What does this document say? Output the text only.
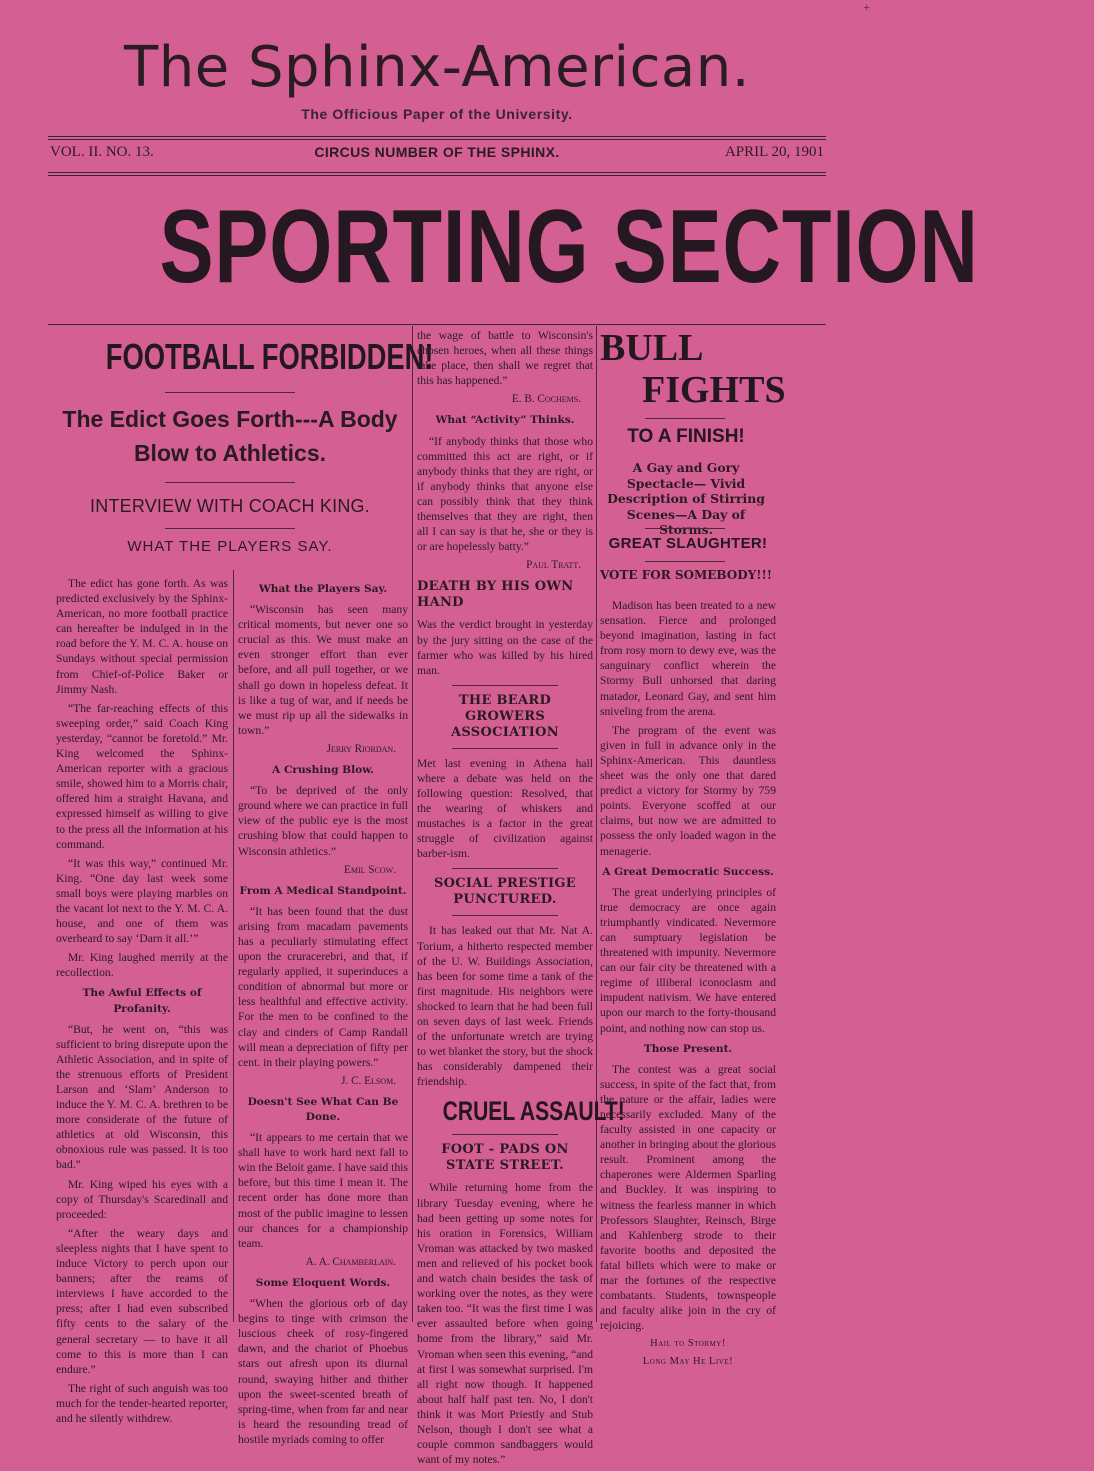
+
The Sphinx-American.
The Officious Paper of the University.
VOL. II. NO. 13.	CIRCUS NUMBER OF THE SPHINX.	APRIL 20, 1901
SPORTING SECTION
FOOTBALL FORBIDDEN!
The Edict Goes Forth---A Body Blow to Athletics.
INTERVIEW WITH COACH KING.
WHAT THE PLAYERS SAY.

The edict has gone forth. As was predicted exclusively by the Sphinx-American, no more football practice can hereafter be indulged in in the road before the Y. M. C. A. house on Sundays without special permission from Chief-of-Police Baker or Jimmy Nash.

“The far-reaching effects of this sweeping order,” said Coach King yesterday, “cannot be foretold.” Mr. King welcomed the Sphinx-American reporter with a gracious smile, showed him to a Morris chair, offered him a straight Havana, and expressed himself as willing to give to the press all the information at his command.

“It was this way,” continued Mr. King. “One day last week some small boys were playing marbles on the vacant lot next to the Y. M. C. A. house, and one of them was overheard to say ‘Darn it all.’”

Mr. King laughed merrily at the recollection.

The Awful Effects of Profanity.

“But, he went on, “this was sufficient to bring disrepute upon the Athletic Association, and in spite of the strenuous efforts of President Larson and ‘Slam’ Anderson to induce the Y. M. C. A. brethren to be more considerate of the future of athletics at old Wisconsin, this obnoxious rule was passed. It is too bad.”

Mr. King wiped his eyes with a copy of Thursday's Scaredinall and proceeded:

“After the weary days and sleepless nights that I have spent to induce Victory to perch upon our banners; after the reams of interviews I have accorded to the press; after I had even subscribed fifty cents to the salary of the general secretary — to have it all come to this is more than I can endure.”

The right of such anguish was too much for the tender-hearted reporter, and he silently withdrew.

What the Players Say.

“Wisconsin has seen many critical moments, but never one so crucial as this. We must make an even stronger effort than ever before, and all pull together, or we shall go down in hopeless defeat. It is like a tug of war, and if needs be we must rip up all the sidewalks in town.”

Jerry Riordan.
A Crushing Blow.

“To be deprived of the only ground where we can practice in full view of the public eye is the most crushing blow that could happen to Wisconsin athletics.”

Emil Scow.
From A Medical Standpoint.

“It has been found that the dust arising from macadam pavements has a peculiarly stimulating effect upon the cruracerebri, and that, if regularly applied, it superinduces a condition of abnormal but more or less healthful and effective activity. For the men to be confined to the clay and cinders of Camp Randall will mean a depreciation of fifty per cent. in their playing powers.”

J. C. Elsom.
Doesn't See What Can Be Done.

“It appears to me certain that we shall have to work hard next fall to win the Beloit game. I have said this before, but this time I mean it. The recent order has done more than most of the public imagine to lessen our chances for a championship team.

A. A. Chamberlain.
Some Eloquent Words.

“When the glorious orb of day begins to tinge with crimson the luscious cheek of rosy-fingered dawn, and the chariot of Phoebus stars out afresh upon its diurnal round, swaying hither and thither upon the sweet-scented breath of spring-time, when from far and near is heard the resounding tread of hostile myriads coming to offer

the wage of battle to Wisconsin's chosen heroes, when all these things take place, then shall we regret that this has happened.”

E. B. Cochems.
What “Activity” Thinks.

“If anybody thinks that those who committed this act are right, or if anybody thinks that they are right, or if anybody thinks that anyone else can possibly think that they think themselves that they are right, then all I can say is that he, she or they is or are hopelessly batty.”

Paul Tratt.
DEATH BY HIS OWN HAND

Was the verdict brought in yesterday by the jury sitting on the case of the farmer who was killed by his hired man.

THE BEARD GROWERS ASSOCIATION

Met last evening in Athena hall where a debate was held on the following question: Resolved, that the wearing of whiskers and mustaches is a factor in the great struggle of civilization against barber-ism.

SOCIAL PRESTIGE PUNCTURED.

It has leaked out that Mr. Nat A. Torium, a hitherto respected member of the U. W. Buildings Association, has been for some time a tank of the first magnitude. His neighbors were shocked to learn that he had been full on seven days of last week. Friends of the unfortunate wretch are trying to wet blanket the story, but the shock has considerably dampened their friendship.

CRUEL ASSAULT!
FOOT - PADS ON STATE STREET.

While returning home from the library Tuesday evening, where he had been getting up some notes for his oration in Forensics, William Vroman was attacked by two masked men and relieved of his pocket book and watch chain besides the task of working over the notes, as they were taken too. “It was the first time I was ever assaulted before when going home from the library,” said Mr. Vroman when seen this evening, “and at first I was somewhat surprised. I'm all right now though. It happened about half half past ten. No, I don't think it was Mort Priestly and Stub Nelson, though I don't see what a couple common sandbaggers would want of my notes.”

BULL
FIGHTS
TO A FINISH!
A Gay and Gory Spectacle— Vivid Description of Stirring Scenes—A Day of Storms.
GREAT SLAUGHTER!
VOTE FOR SOMEBODY!!!

Madison has been treated to a new sensation. Fierce and prolonged beyond imagination, lasting in fact from rosy morn to dewy eve, was the sanguinary conflict wherein the Stormy Bull unhorsed that daring matador, Leonard Gay, and sent him sniveling from the arena.

The program of the event was given in full in advance only in the Sphinx-American. This dauntless sheet was the only one that dared predict a victory for Stormy by 759 points. Everyone scoffed at our claims, but now we are admitted to possess the only loaded wagon in the menagerie.

A Great Democratic Success.

The great underlying principles of true democracy are once again triumphantly vindicated. Nevermore can sumptuary legislation be threatened with impunity. Nevermore can our fair city be threatened with a regime of illiberal iconoclasm and impudent nativism. We have entered upon our march to the forty-thousand point, and nothing now can stop us.

Those Present.

The contest was a great social success, in spite of the fact that, from the nature or the affair, ladies were necessarily excluded. Many of the faculty assisted in one capacity or another in bringing about the glorious result. Prominent among the chaperones were Aldermen Sparling and Buckley. It was inspiring to witness the fearless manner in which Professors Slaughter, Reinsch, Birge and Kahlenberg strode to their favorite booths and deposited the fatal billets which were to make or mar the fortunes of the respective combatants. Students, townspeople and faculty alike join in the cry of rejoicing.

Hail to Stormy!
Long May He Live!
